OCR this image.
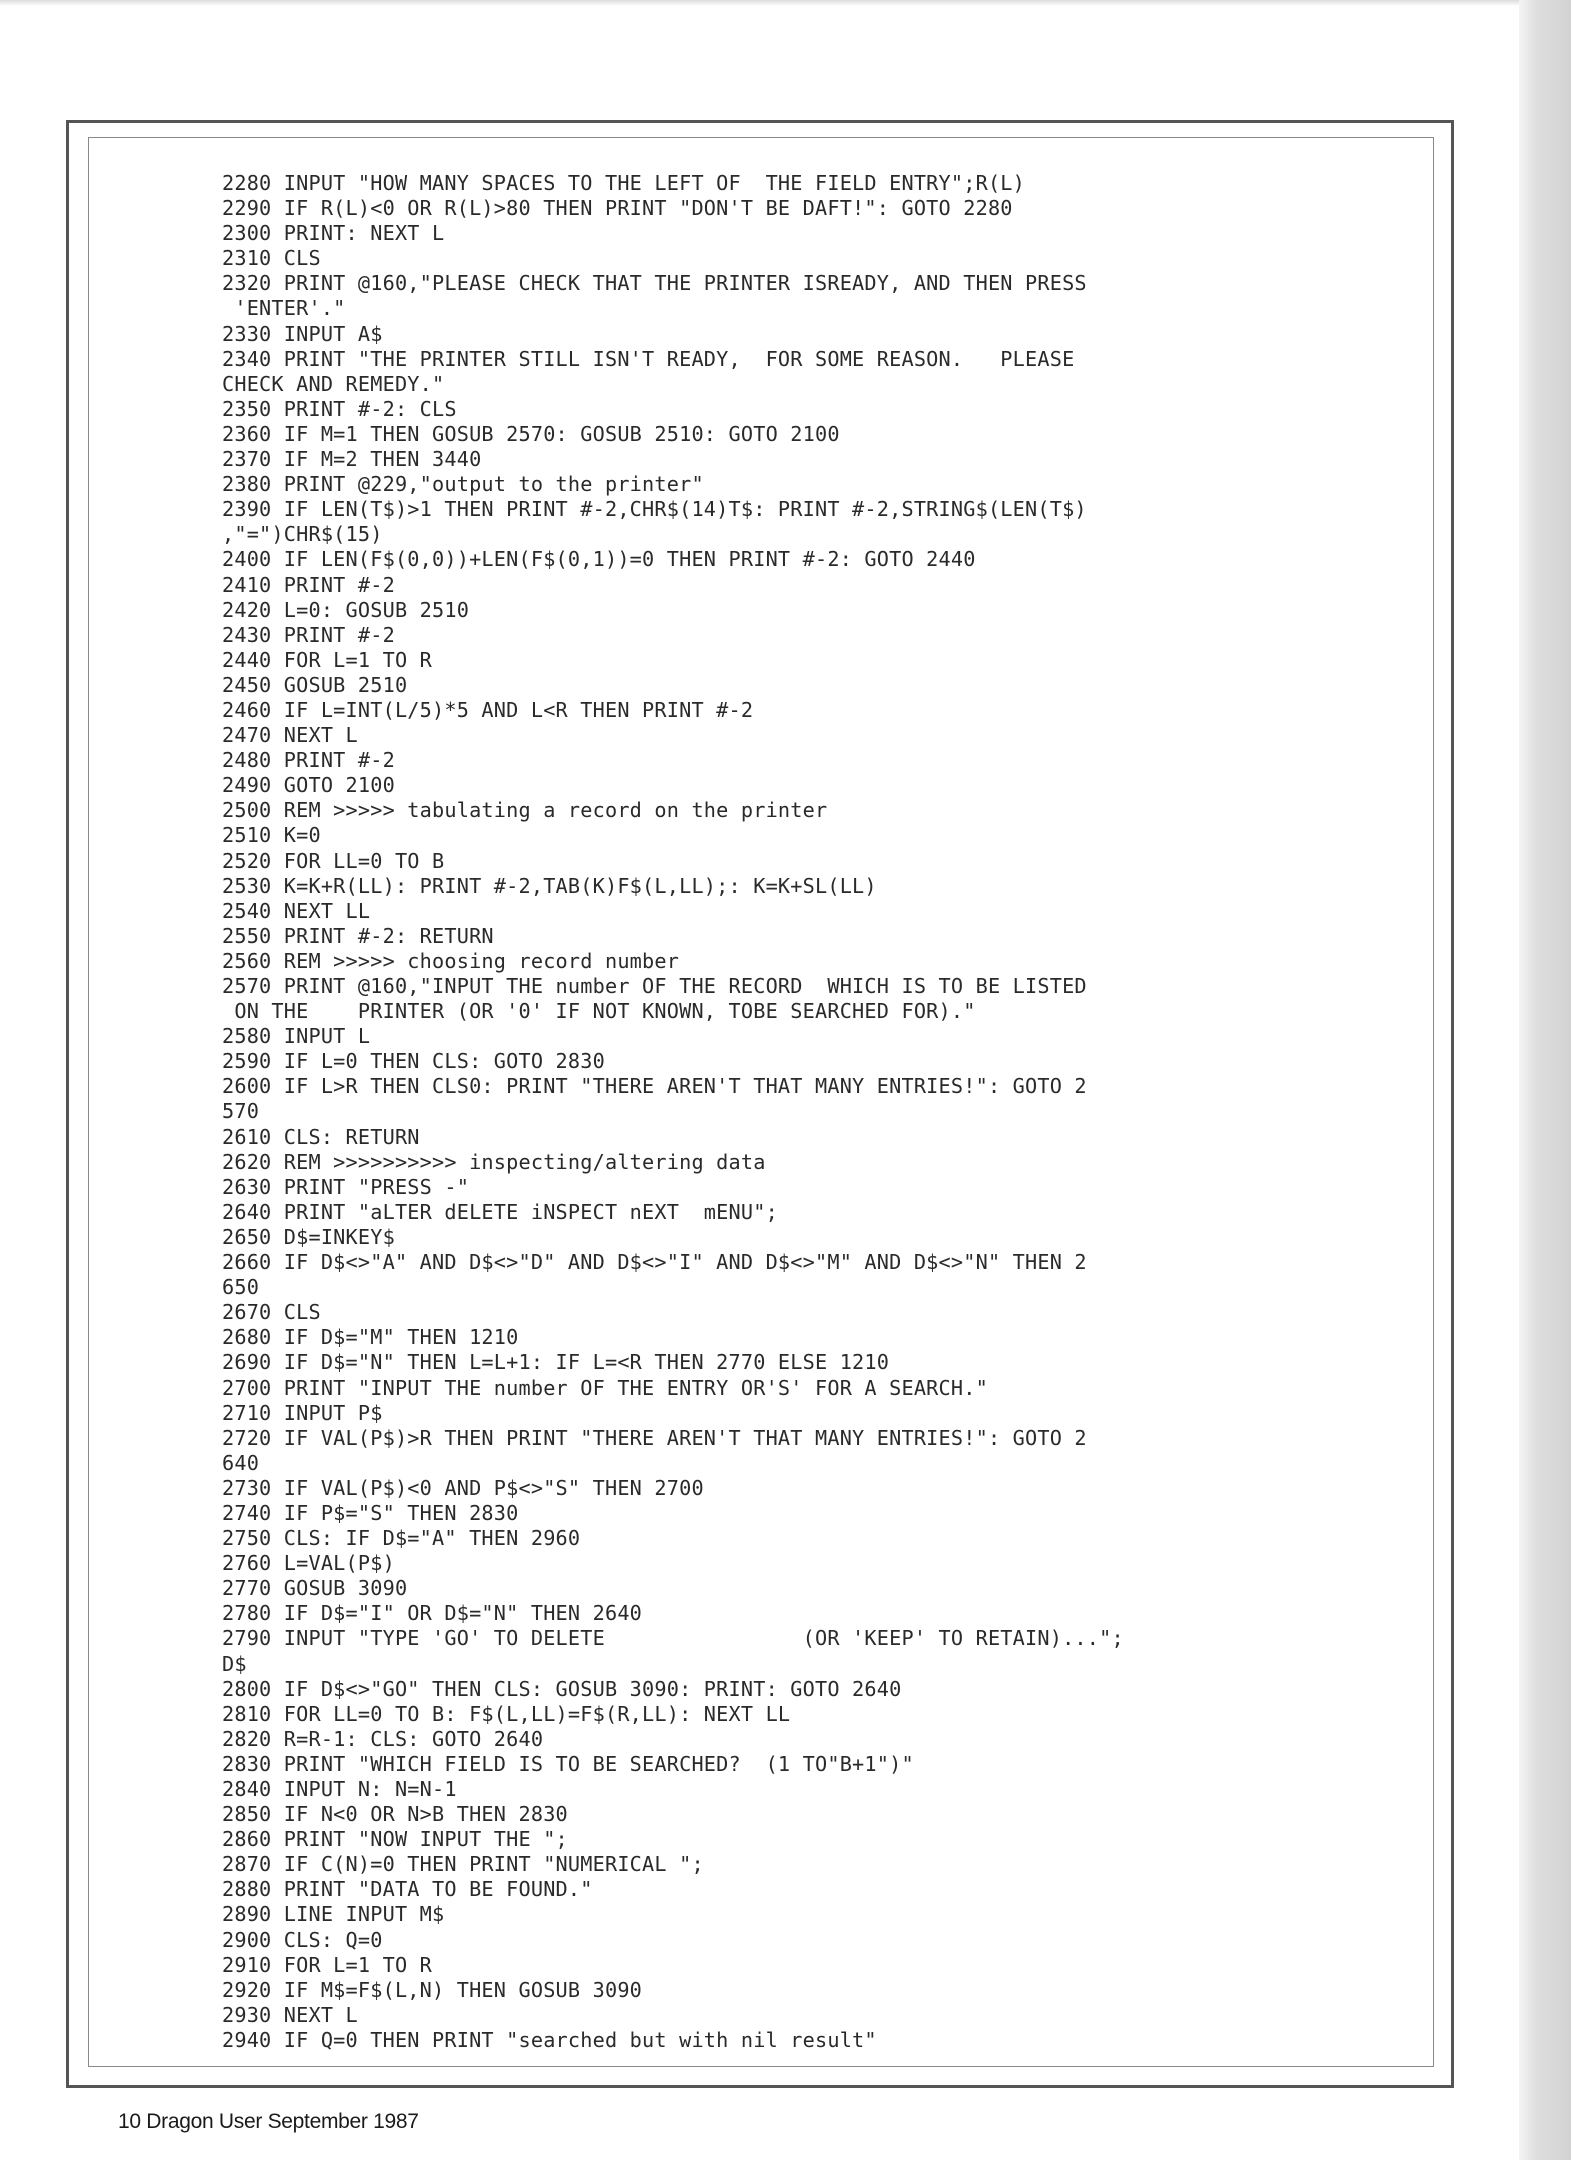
2280 INPUT "HOW MANY SPACES TO THE LEFT OF  THE FIELD ENTRY";R(L)
2290 IF R(L)<0 OR R(L)>80 THEN PRINT "DON'T BE DAFT!": GOTO 2280
2300 PRINT: NEXT L
2310 CLS
2320 PRINT @160,"PLEASE CHECK THAT THE PRINTER ISREADY, AND THEN PRESS
'ENTER'."
2330 INPUT A$
2340 PRINT "THE PRINTER STILL ISN'T READY,  FOR SOME REASON.   PLEASE
CHECK AND REMEDY."
2350 PRINT #-2: CLS
2360 IF M=1 THEN GOSUB 2570: GOSUB 2510: GOTO 2100
2370 IF M=2 THEN 3440
2380 PRINT @229,"output to the printer"
2390 IF LEN(T$)>1 THEN PRINT #-2,CHR$(14)T$: PRINT #-2,STRING$(LEN(T$)
,"=")CHR$(15)
2400 IF LEN(F$(0,0))+LEN(F$(0,1))=0 THEN PRINT #-2: GOTO 2440
2410 PRINT #-2
2420 L=0: GOSUB 2510
2430 PRINT #-2
2440 FOR L=1 TO R
2450 GOSUB 2510
2460 IF L=INT(L/5)*5 AND L<R THEN PRINT #-2
2470 NEXT L
2480 PRINT #-2
2490 GOTO 2100
2500 REM >>>>> tabulating a record on the printer
2510 K=0
2520 FOR LL=0 TO B
2530 K=K+R(LL): PRINT #-2,TAB(K)F$(L,LL);: K=K+SL(LL)
2540 NEXT LL
2550 PRINT #-2: RETURN
2560 REM >>>>> choosing record number
2570 PRINT @160,"INPUT THE number OF THE RECORD  WHICH IS TO BE LISTED
ON THE    PRINTER (OR '0' IF NOT KNOWN, TOBE SEARCHED FOR)."
2580 INPUT L
2590 IF L=0 THEN CLS: GOTO 2830
2600 IF L>R THEN CLS0: PRINT "THERE AREN'T THAT MANY ENTRIES!": GOTO 2
570
2610 CLS: RETURN
2620 REM >>>>>>>>>> inspecting/altering data
2630 PRINT "PRESS -"
2640 PRINT "aLTER dELETE iNSPECT nEXT  mENU";
2650 D$=INKEY$
2660 IF D$<>"A" AND D$<>"D" AND D$<>"I" AND D$<>"M" AND D$<>"N" THEN 2
650
2670 CLS
2680 IF D$="M" THEN 1210
2690 IF D$="N" THEN L=L+1: IF L=<R THEN 2770 ELSE 1210
2700 PRINT "INPUT THE number OF THE ENTRY OR'S' FOR A SEARCH."
2710 INPUT P$
2720 IF VAL(P$)>R THEN PRINT "THERE AREN'T THAT MANY ENTRIES!": GOTO 2
640
2730 IF VAL(P$)<0 AND P$<>"S" THEN 2700
2740 IF P$="S" THEN 2830
2750 CLS: IF D$="A" THEN 2960
2760 L=VAL(P$)
2770 GOSUB 3090
2780 IF D$="I" OR D$="N" THEN 2640
2790 INPUT "TYPE 'GO' TO DELETE                (OR 'KEEP' TO RETAIN)...";
D$
2800 IF D$<>"GO" THEN CLS: GOSUB 3090: PRINT: GOTO 2640
2810 FOR LL=0 TO B: F$(L,LL)=F$(R,LL): NEXT LL
2820 R=R-1: CLS: GOTO 2640
2830 PRINT "WHICH FIELD IS TO BE SEARCHED?  (1 TO"B+1")"
2840 INPUT N: N=N-1
2850 IF N<0 OR N>B THEN 2830
2860 PRINT "NOW INPUT THE ";
2870 IF C(N)=0 THEN PRINT "NUMERICAL ";
2880 PRINT "DATA TO BE FOUND."
2890 LINE INPUT M$
2900 CLS: Q=0
2910 FOR L=1 TO R
2920 IF M$=F$(L,N) THEN GOSUB 3090
2930 NEXT L
2940 IF Q=0 THEN PRINT "searched but with nil result"
10 Dragon User September 1987
